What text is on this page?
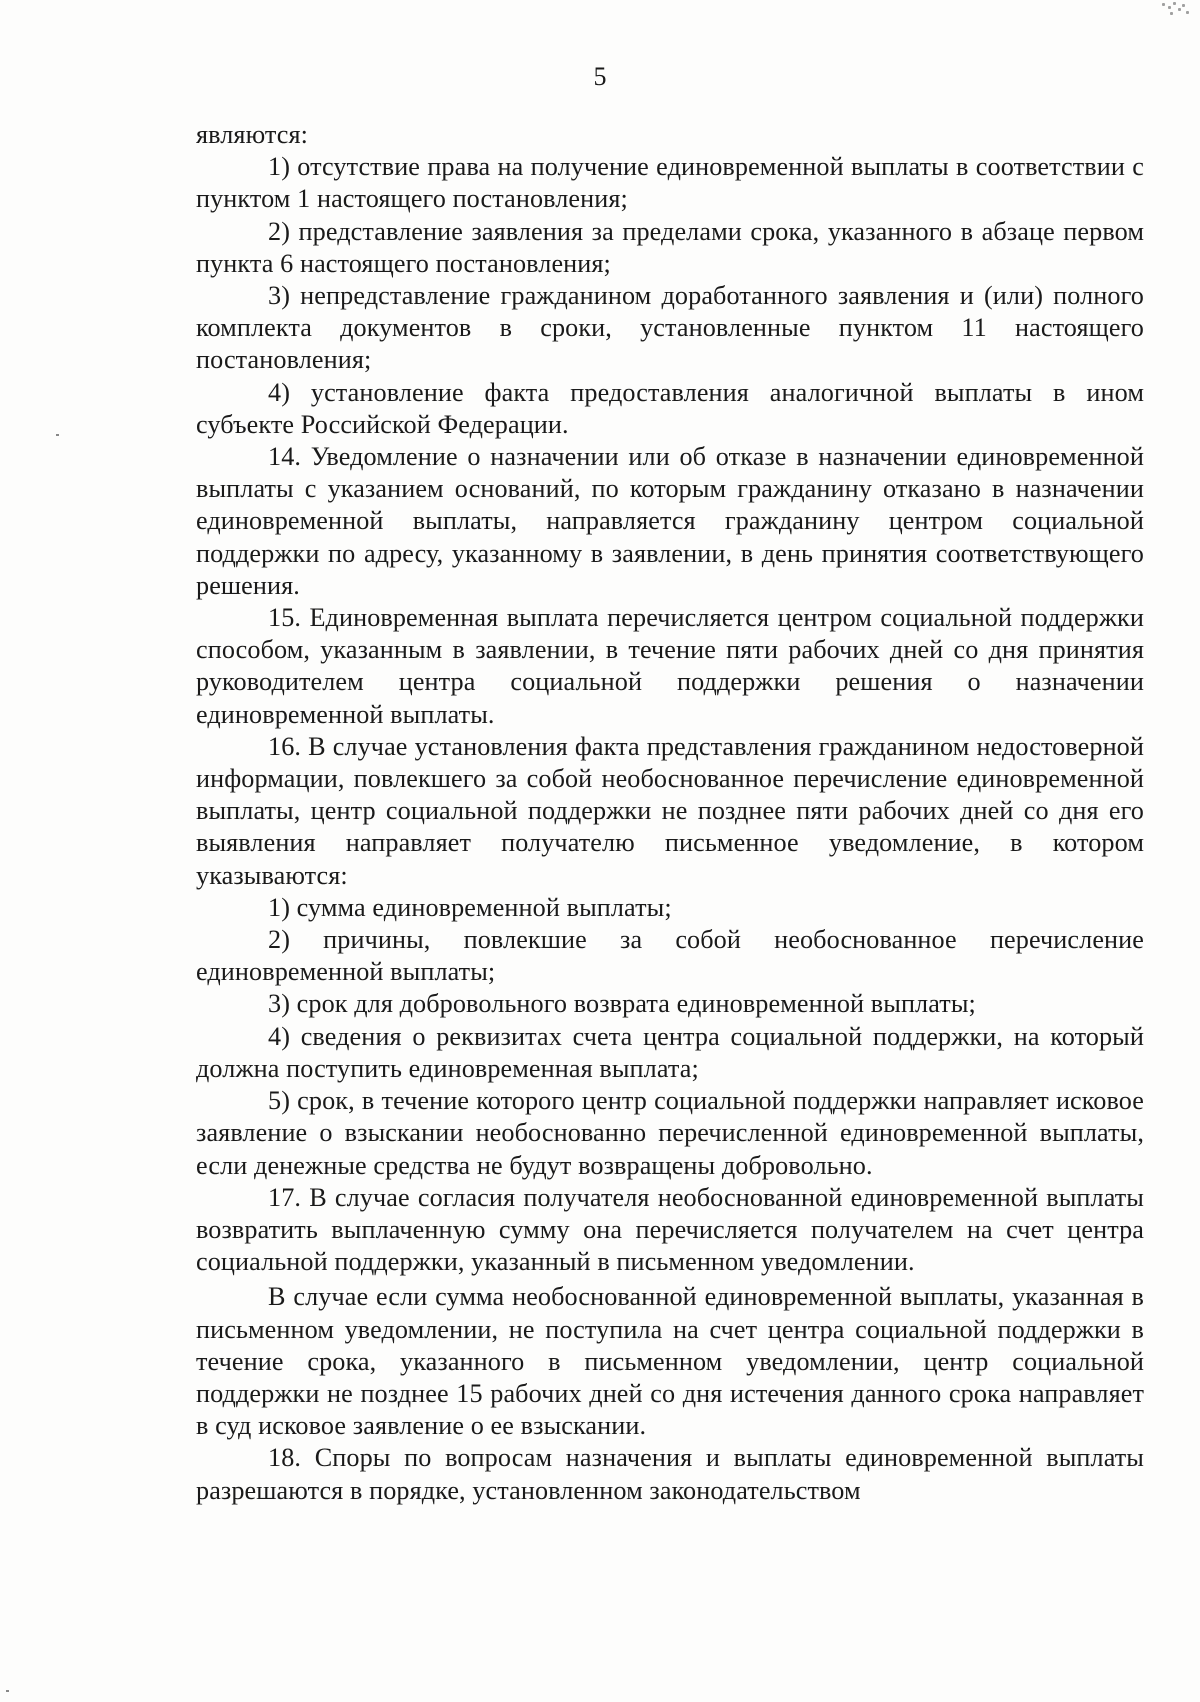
5

являются:

1) отсутствие права на получение единовременной выплаты в соответствии с пунктом 1 настоящего постановления;

2) представление заявления за пределами срока, указанного в абзаце первом пункта 6 настоящего постановления;

3) непредставление гражданином доработанного заявления и (или) полного комплекта документов в сроки, установленные пунктом 11 настоящего постановления;

4) установление факта предоставления аналогичной выплаты в ином субъекте Российской Федерации.

14. Уведомление о назначении или об отказе в назначении единовременной выплаты с указанием оснований, по которым гражданину отказано в назначении единовременной выплаты, направляется гражданину центром социальной поддержки по адресу, указанному в заявлении, в день принятия соответствующего решения.

15. Единовременная выплата перечисляется центром социальной поддержки способом, указанным в заявлении, в течение пяти рабочих дней со дня принятия руководителем центра социальной поддержки решения о назначении единовременной выплаты.

16. В случае установления факта представления гражданином недостоверной информации, повлекшего за собой необоснованное перечисление единовременной выплаты, центр социальной поддержки не позднее пяти рабочих дней со дня его выявления направляет получателю письменное уведомление, в котором указываются:

1) сумма единовременной выплаты;

2) причины, повлекшие за собой необоснованное перечисление единовременной выплаты;

3) срок для добровольного возврата единовременной выплаты;

4) сведения о реквизитах счета центра социальной поддержки, на который должна поступить единовременная выплата;

5) срок, в течение которого центр социальной поддержки направляет исковое заявление о взыскании необоснованно перечисленной единовременной выплаты, если денежные средства не будут возвращены добровольно.

17. В случае согласия получателя необоснованной единовременной выплаты возвратить выплаченную сумму она перечисляется получателем на счет центра социальной поддержки, указанный в письменном уведомлении.

В случае если сумма необоснованной единовременной выплаты, указанная в письменном уведомлении, не поступила на счет центра социальной поддержки в течение срока, указанного в письменном уведомлении, центр социальной поддержки не позднее 15 рабочих дней со дня истечения данного срока направляет в суд исковое заявление о ее взыскании.

18. Споры по вопросам назначения и выплаты единовременной выплаты разрешаются в порядке, установленном законодательством
